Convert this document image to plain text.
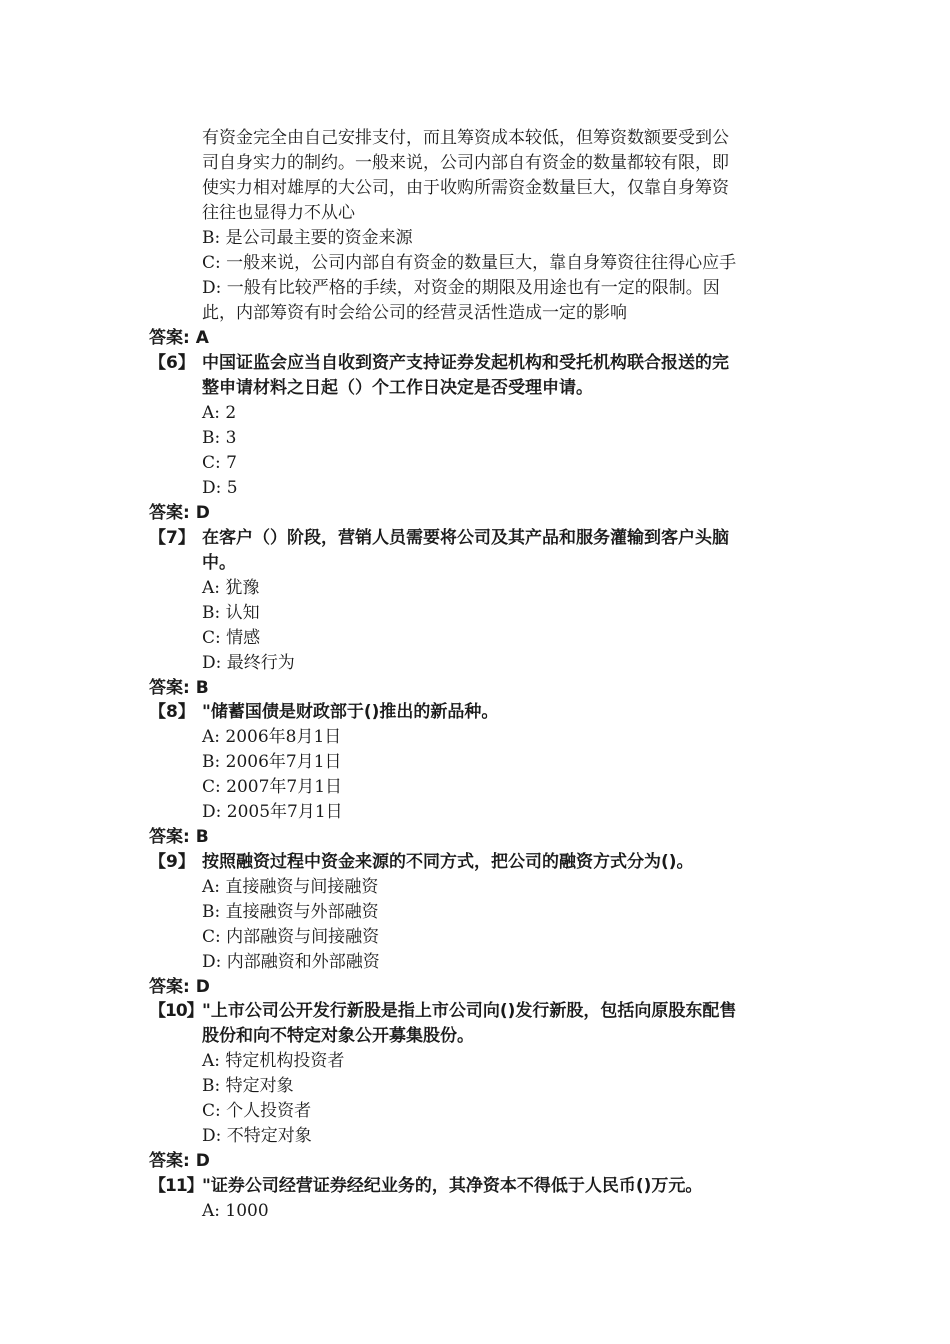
有资金完全由自己安排支付，而且筹资成本较低，但筹资数额要受到公
司自身实力的制约。一般来说，公司内部自有资金的数量都较有限，即
使实力相对雄厚的大公司，由于收购所需资金数量巨大，仅靠自身筹资
往往也显得力不从心
B: 是公司最主要的资金来源
C: 一般来说，公司内部自有资金的数量巨大，靠自身筹资往往得心应手
D: 一般有比较严格的手续，对资金的期限及用途也有一定的限制。因
此，内部筹资有时会给公司的经营灵活性造成一定的影响
答案: A
【6】 中国证监会应当自收到资产支持证券发起机构和受托机构联合报送的完
整申请材料之日起（）个工作日决定是否受理申请。
A: 2
B: 3
C: 7
D: 5
答案: D
【7】 在客户（）阶段，营销人员需要将公司及其产品和服务灌输到客户头脑
中。
A: 犹豫
B: 认知
C: 情感
D: 最终行为
答案: B
【8】 "储蓄国债是财政部于()推出的新品种。
A: 2006年8月1日
B: 2006年7月1日
C: 2007年7月1日
D: 2005年7月1日
答案: B
【9】 按照融资过程中资金来源的不同方式，把公司的融资方式分为()。
A: 直接融资与间接融资
B: 直接融资与外部融资
C: 内部融资与间接融资
D: 内部融资和外部融资
答案: D
【10】 "上市公司公开发行新股是指上市公司向()发行新股，包括向原股东配售
股份和向不特定对象公开募集股份。
A: 特定机构投资者
B: 特定对象
C: 个人投资者
D: 不特定对象
答案: D
【11】 "证券公司经营证券经纪业务的，其净资本不得低于人民币()万元。
A: 1000
